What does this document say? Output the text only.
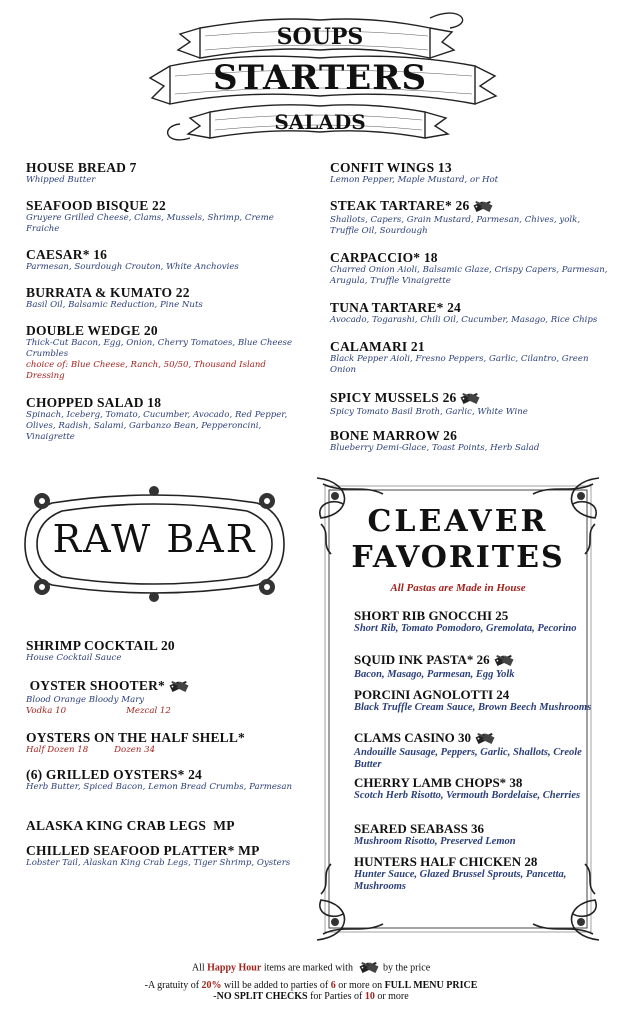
SOUPS
STARTERS
SALADS
HOUSE BREAD 7
Whipped Butter
SEAFOOD BISQUE 22
Gruyere Grilled Cheese, Clams, Mussels, Shrimp, Creme Fraiche
CAESAR* 16
Parmesan, Sourdough Crouton, White Anchovies
BURRATA & KUMATO 22
Basil Oil, Balsamic Reduction, Pine Nuts
DOUBLE WEDGE 20
Thick-Cut Bacon, Egg, Onion, Cherry Tomatoes, Blue Cheese Crumbles
choice of: Blue Cheese, Ranch, 50/50, Thousand Island Dressing
CHOPPED SALAD 18
Spinach, Iceberg, Tomato, Cucumber, Avocado, Red Pepper, Olives, Radish, Salami, Garbanzo Bean, Pepperoncini, Vinaigrette
CONFIT WINGS 13
Lemon Pepper, Maple Mustard, or Hot
STEAK TARTARE* 26
Shallots, Capers, Grain Mustard, Parmesan, Chives, yolk, Truffle Oil, Sourdough
CARPACCIO* 18
Charred Onion Aioli, Balsamic Glaze, Crispy Capers, Parmesan, Arugula, Truffle Vinaigrette
TUNA TARTARE* 24
Avocado, Togarashi, Chili Oil, Cucumber, Masago, Rice Chips
CALAMARI 21
Black Pepper Aioli, Fresno Peppers, Garlic, Cilantro, Green Onion
SPICY MUSSELS 26
Spicy Tomato Basil Broth, Garlic, White Wine
BONE MARROW 26
Blueberry Demi-Glace, Toast Points, Herb Salad
RAW BAR
SHRIMP COCKTAIL 20
House Cocktail Sauce
OYSTER SHOOTER*
Blood Orange Bloody Mary
Vodka 10	Mezcal 12
OYSTERS ON THE HALF SHELL*
Half Dozen 18	Dozen 34
(6) GRILLED OYSTERS* 24
Herb Butter, Spiced Bacon, Lemon Bread Crumbs, Parmesan
ALASKA KING CRAB LEGS  MP
CHILLED SEAFOOD PLATTER* MP
Lobster Tail, Alaskan King Crab Legs, Tiger Shrimp, Oysters
CLEAVER
FAVORITES
All Pastas are Made in House
SHORT RIB GNOCCHI 25
Short Rib, Tomato Pomodoro, Gremolata, Pecorino
SQUID INK PASTA* 26
Bacon, Masago, Parmesan, Egg Yolk
PORCINI AGNOLOTTI 24
Black Truffle Cream Sauce, Brown Beech Mushrooms
CLAMS CASINO 30
Andouille Sausage, Peppers, Garlic, Shallots, Creole Butter
CHERRY LAMB CHOPS* 38
Scotch Herb Risotto, Vermouth Bordelaise, Cherries
SEARED SEABASS 36
Mushroom Risotto, Preserved Lemon
HUNTERS HALF CHICKEN 28
Hunter Sauce, Glazed Brussel Sprouts, Pancetta, Mushrooms
All Happy Hour items are marked with	by the price
-A gratuity of 20% will be added to parties of 6 or more on FULL MENU PRICE
-NO SPLIT CHECKS for Parties of 10 or more
